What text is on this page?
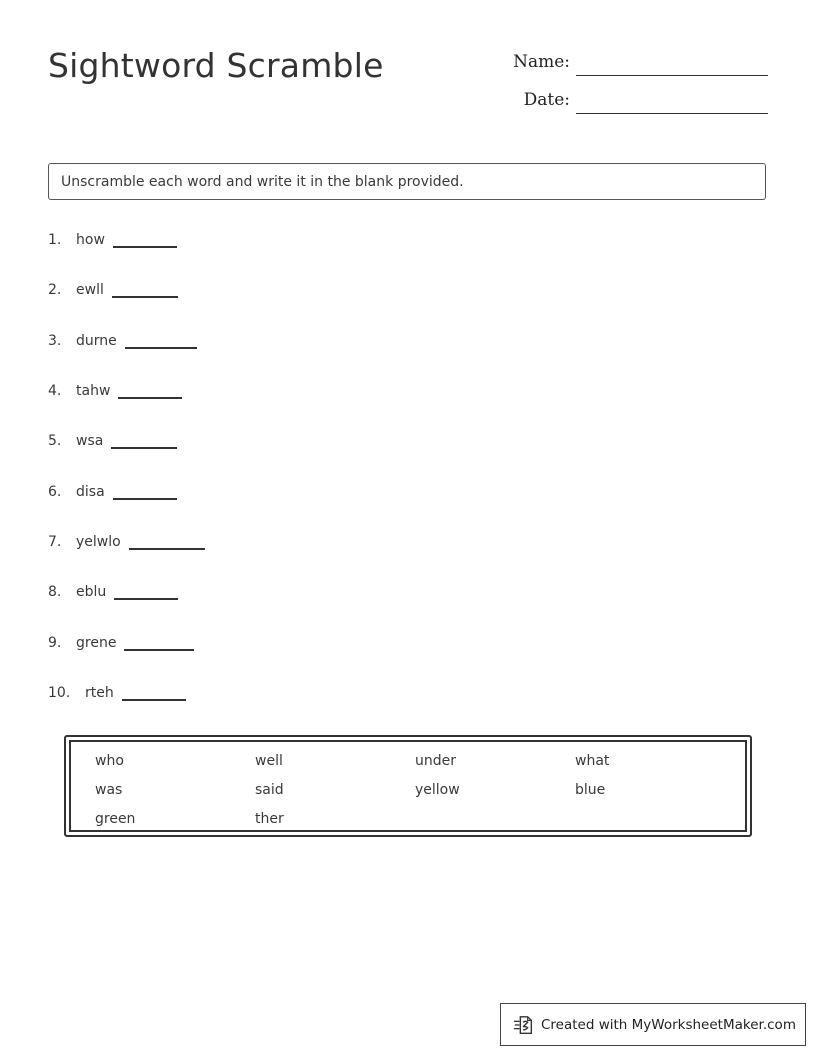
Sightword Scramble	Name:
Date:
Unscramble each word and write it in the blank provided.
1. how
2. ewll
3. durne
4. tahw
5. wsa
6. disa
7. yelwlo
8. eblu
9. grene
10. rteh
who	well	under	what
was	said	yellow	blue
green	ther
Created with MyWorksheetMaker.com
